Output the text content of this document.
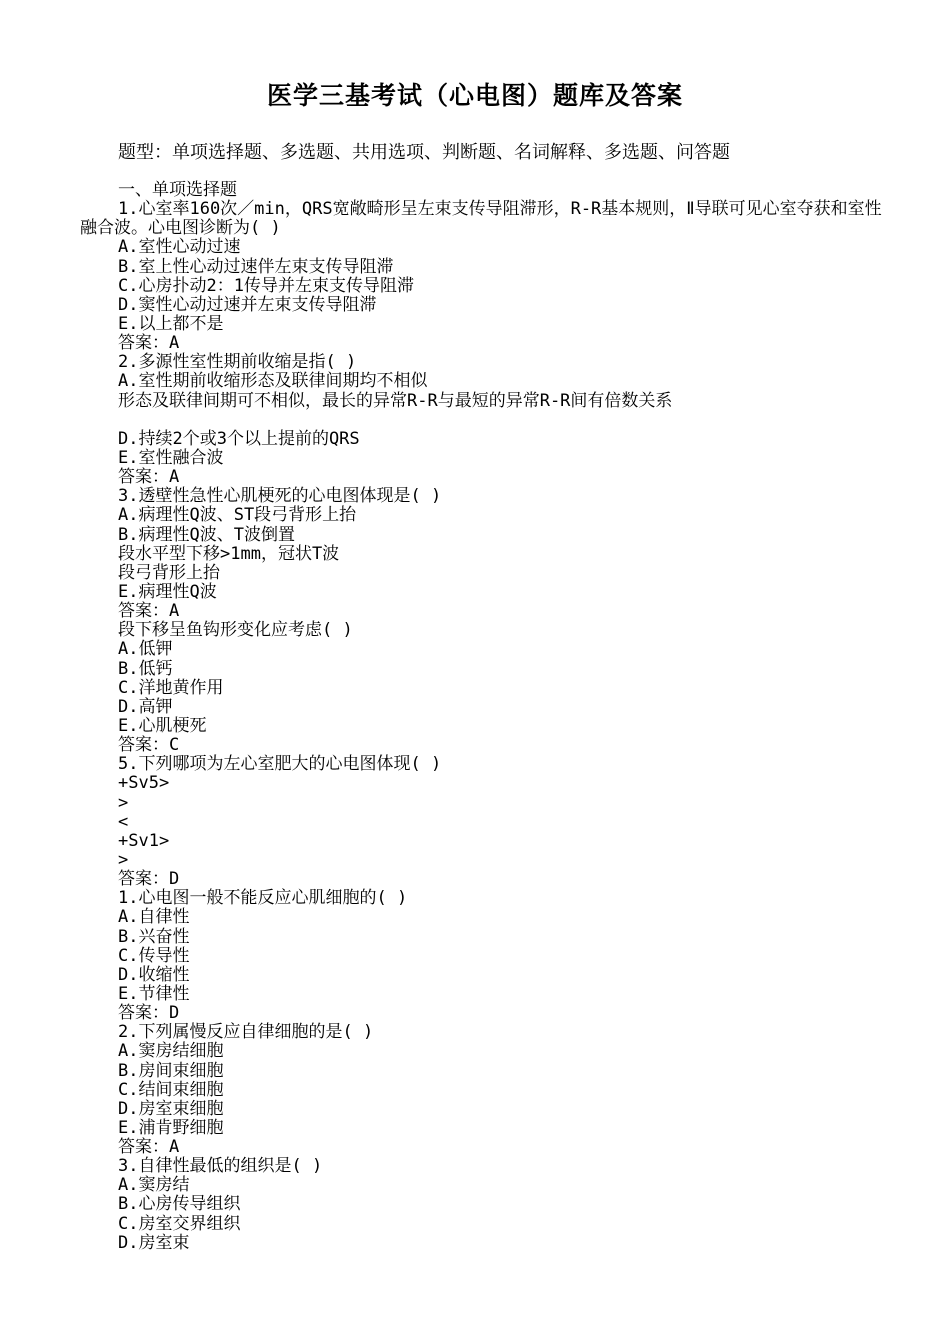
医学三基考试（心电图）题库及答案
题型：单项选择题、多选题、共用选项、判断题、名词解释、多选题、问答题
一、单项选择题
1.心室率160次／min，QRS宽敞畸形呈左束支传导阻滞形，R-R基本规则，Ⅱ导联可见心室夺获和室性融合波。心电图诊断为( )
A.室性心动过速
B.室上性心动过速伴左束支传导阻滞
C.心房扑动2：1传导并左束支传导阻滞
D.窦性心动过速并左束支传导阻滞
E.以上都不是
答案：A
2.多源性室性期前收缩是指( )
A.室性期前收缩形态及联律间期均不相似
形态及联律间期可不相似，最长的异常R-R与最短的异常R-R间有倍数关系
D.持续2个或3个以上提前的QRS
E.室性融合波
答案：A
3.透壁性急性心肌梗死的心电图体现是( )
A.病理性Q波、ST段弓背形上抬
B.病理性Q波、T波倒置
段水平型下移>1mm，冠状T波
段弓背形上抬
E.病理性Q波
答案：A
段下移呈鱼钩形变化应考虑( )
A.低钾
B.低钙
C.洋地黄作用
D.高钾
E.心肌梗死
答案：C
5.下列哪项为左心室肥大的心电图体现( )
+Sv5>
>
<
+Sv1>
>
答案：D
1.心电图一般不能反应心肌细胞的( )
A.自律性
B.兴奋性
C.传导性
D.收缩性
E.节律性
答案：D
2.下列属慢反应自律细胞的是( )
A.窦房结细胞
B.房间束细胞
C.结间束细胞
D.房室束细胞
E.浦肯野细胞
答案：A
3.自律性最低的组织是( )
A.窦房结
B.心房传导组织
C.房室交界组织
D.房室束
